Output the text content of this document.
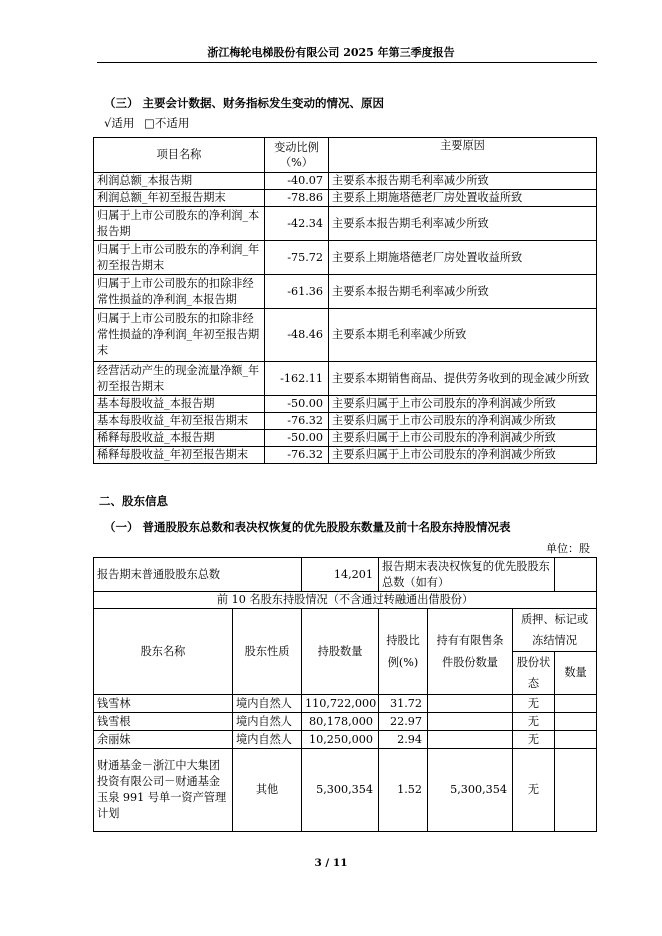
浙江梅轮电梯股份有限公司 2025 年第三季度报告
（三） 主要会计数据、财务指标发生变动的情况、原因
√适用 □不适用
项目名称	变动比例（%）	主要原因
利润总额_本报告期	-40.07	主要系本报告期毛利率减少所致
利润总额_年初至报告期末	-78.86	主要系上期施塔德老厂房处置收益所致
归属于上市公司股东的净利润_本报告期	-42.34	主要系本报告期毛利率减少所致
归属于上市公司股东的净利润_年初至报告期末	-75.72	主要系上期施塔德老厂房处置收益所致
归属于上市公司股东的扣除非经常性损益的净利润_本报告期	-61.36	主要系本报告期毛利率减少所致
归属于上市公司股东的扣除非经常性损益的净利润_年初至报告期末	-48.46	主要系本期毛利率减少所致
经营活动产生的现金流量净额_年初至报告期末	-162.11	主要系本期销售商品、提供劳务收到的现金减少所致
基本每股收益_本报告期	-50.00	主要系归属于上市公司股东的净利润减少所致
基本每股收益_年初至报告期末	-76.32	主要系归属于上市公司股东的净利润减少所致
稀释每股收益_本报告期	-50.00	主要系归属于上市公司股东的净利润减少所致
稀释每股收益_年初至报告期末	-76.32	主要系归属于上市公司股东的净利润减少所致
二、股东信息
（一） 普通股股东总数和表决权恢复的优先股股东数量及前十名股东持股情况表
单位：股
报告期末普通股股东总数		14,201	报告期末表决权恢复的优先股股东总数（如有）			
前 10 名股东持股情况（不含通过转融通出借股份）						
股东名称	股东性质	持股数量	持股比例(%)	持有有限售条件股份数量	质押、标记或冻结情况	
					股份状态	数量
钱雪林	境内自然人	110,722,000	31.72		无	
钱雪根	境内自然人	80,178,000	22.97		无	
余丽妹	境内自然人	10,250,000	2.94		无	
财通基金－浙江中大集团投资有限公司－财通基金玉泉 991 号单一资产管理计划	其他	5,300,354	1.52	5,300,354	无	
3 / 11
